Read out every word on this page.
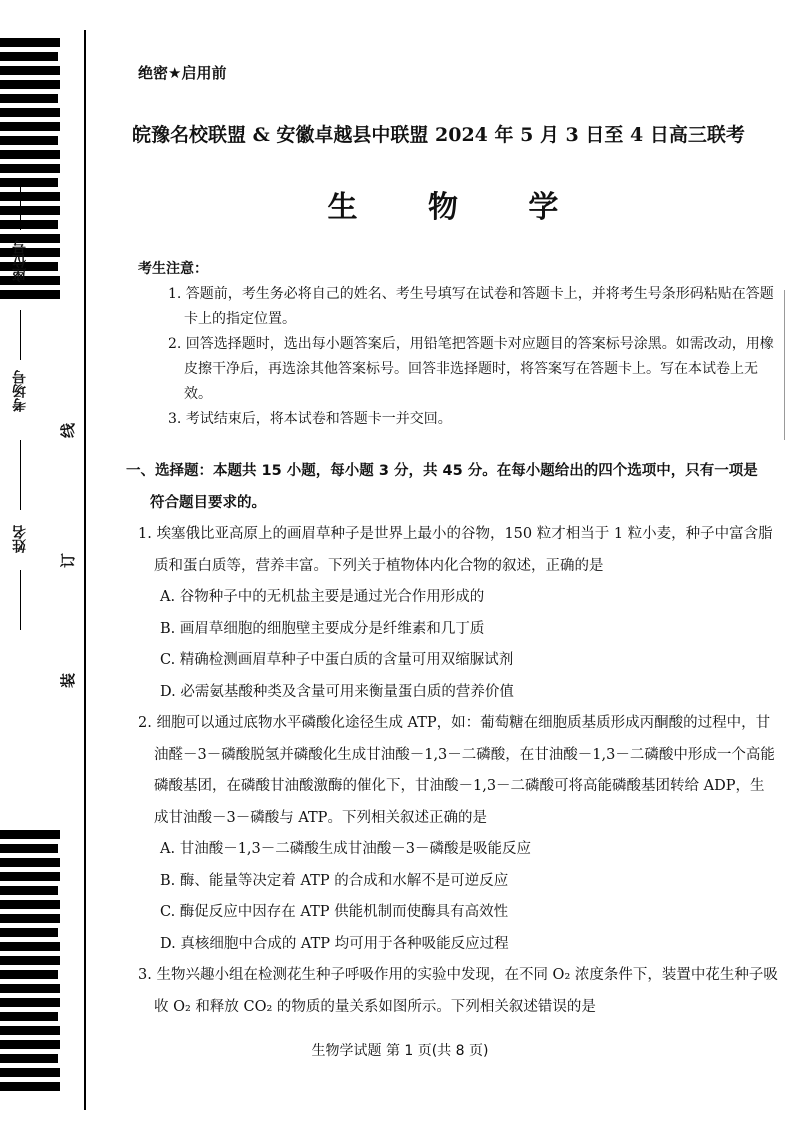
座位号
考场号
姓名
线
订
装
绝密★启用前
皖豫名校联盟 & 安徽卓越县中联盟 2024 年 5 月 3 日至 4 日高三联考
生 物 学
考生注意：

1. 答题前，考生务必将自己的姓名、考生号填写在试卷和答题卡上，并将考生号条形码粘贴在答题卡上的指定位置。

2. 回答选择题时，选出每小题答案后，用铅笔把答题卡对应题目的答案标号涂黑。如需改动，用橡皮擦干净后，再选涂其他答案标号。回答非选择题时，将答案写在答题卡上。写在本试卷上无效。

3. 考试结束后，将本试卷和答题卡一并交回。

一、选择题：本题共 15 小题，每小题 3 分，共 45 分。在每小题给出的四个选项中，只有一项是

符合题目要求的。

1. 埃塞俄比亚高原上的画眉草种子是世界上最小的谷物，150 粒才相当于 1 粒小麦，种子中富含脂质和蛋白质等，营养丰富。下列关于植物体内化合物的叙述，正确的是

A. 谷物种子中的无机盐主要是通过光合作用形成的

B. 画眉草细胞的细胞壁主要成分是纤维素和几丁质

C. 精确检测画眉草种子中蛋白质的含量可用双缩脲试剂

D. 必需氨基酸种类及含量可用来衡量蛋白质的营养价值

2. 细胞可以通过底物水平磷酸化途径生成 ATP，如：葡萄糖在细胞质基质形成丙酮酸的过程中，甘油醛－3－磷酸脱氢并磷酸化生成甘油酸－1,3－二磷酸，在甘油酸－1,3－二磷酸中形成一个高能磷酸基团，在磷酸甘油酸激酶的催化下，甘油酸－1,3－二磷酸可将高能磷酸基团转给 ADP，生成甘油酸－3－磷酸与 ATP。下列相关叙述正确的是

A. 甘油酸－1,3－二磷酸生成甘油酸－3－磷酸是吸能反应

B. 酶、能量等决定着 ATP 的合成和水解不是可逆反应

C. 酶促反应中因存在 ATP 供能机制而使酶具有高效性

D. 真核细胞中合成的 ATP 均可用于各种吸能反应过程

3. 生物兴趣小组在检测花生种子呼吸作用的实验中发现，在不同 O₂ 浓度条件下，装置中花生种子吸收 O₂ 和释放 CO₂ 的物质的量关系如图所示。下列相关叙述错误的是

生物学试题 第 1 页(共 8 页)
